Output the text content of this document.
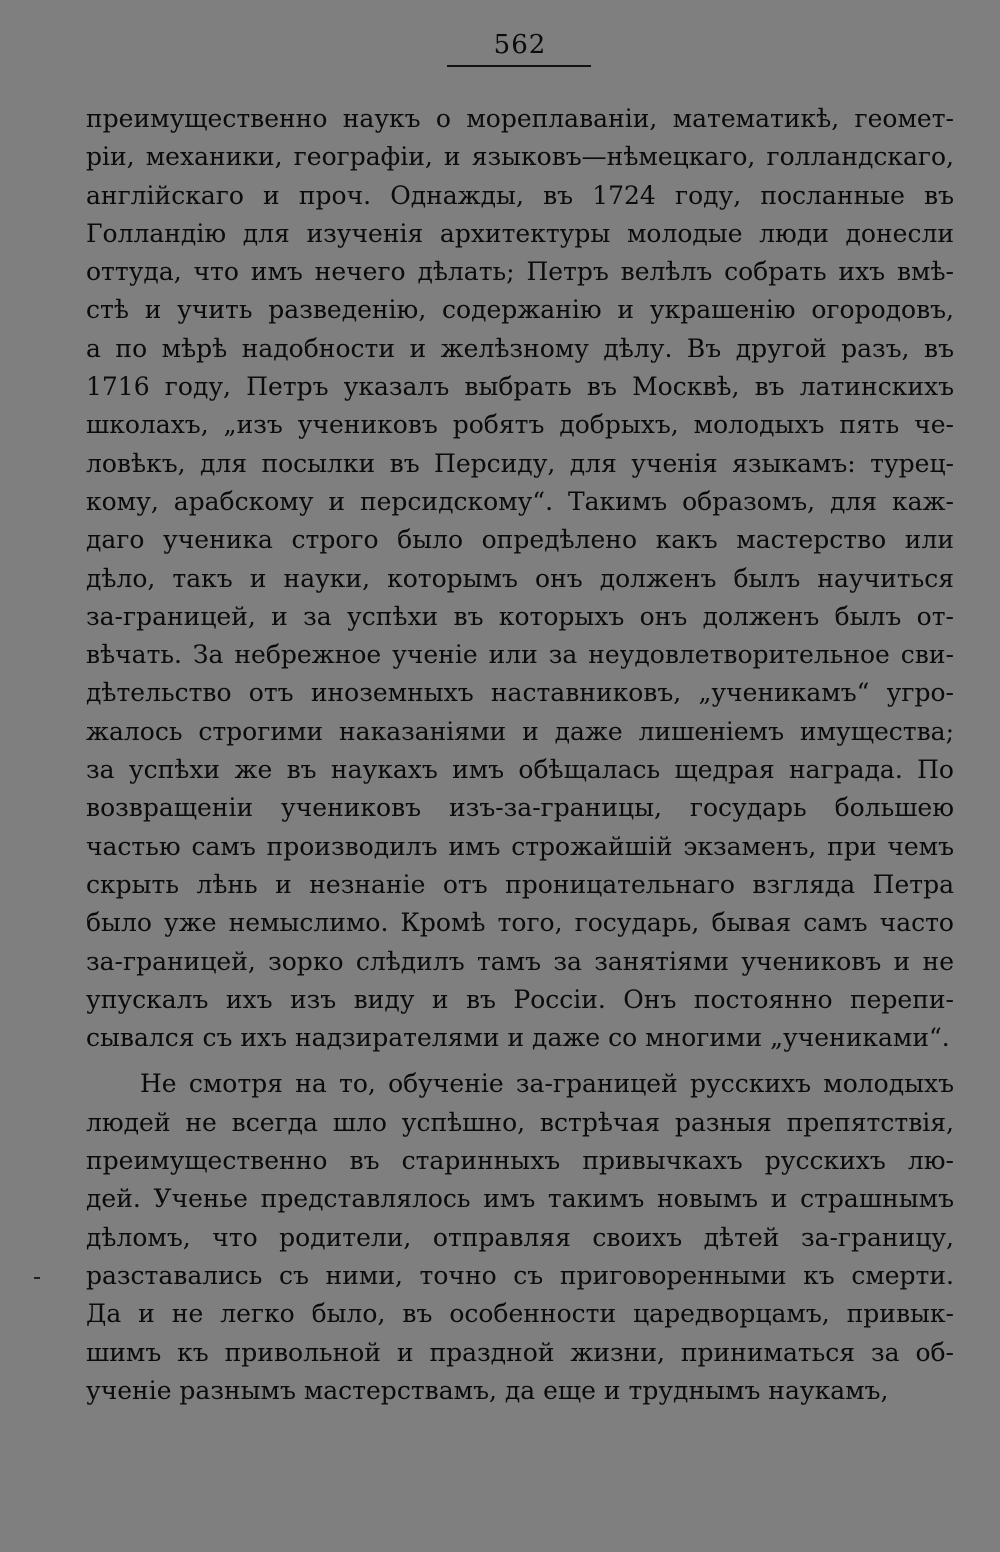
562
преимущественно наукъ о мореплаванiи, математикѣ, геомет-
рiи, механики, географiи, и языковъ—нѣмецкаго, голландскаго,
англiйскаго и проч. Однажды, въ 1724 году, посланные въ
Голландiю для изученiя архитектуры молодые люди донесли
оттуда, что имъ нечего дѣлать; Петръ велѣлъ собрать ихъ вмѣ-
стѣ и учить разведенiю, содержанiю и украшенiю огородовъ,
а по мѣрѣ надобности и желѣзному дѣлу. Въ другой разъ, въ
1716 году, Петръ указалъ выбрать въ Москвѣ, въ латинскихъ
школахъ, „изъ учениковъ робятъ добрыхъ, молодыхъ пять че-
ловѣкъ, для посылки въ Персиду, для ученiя языкамъ: турец-
кому, арабскому и персидскому“. Такимъ образомъ, для каж-
даго ученика строго было опредѣлено какъ мастерство или
дѣло, такъ и науки, которымъ онъ долженъ былъ научиться
за-границей, и за успѣхи въ которыхъ онъ долженъ былъ от-
вѣчать. За небрежное ученiе или за неудовлетворительное сви-
дѣтельство отъ иноземныхъ наставниковъ, „ученикамъ“ угро-
жалось строгими наказанiями и даже лишенiемъ имущества;
за успѣхи же въ наукахъ имъ обѣщалась щедрая награда. По
возвращенiи учениковъ изъ-за-границы, государь большею
частью самъ производилъ имъ строжайшiй экзаменъ, при чемъ
скрыть лѣнь и незнанiе отъ проницательнаго взгляда Петра
было уже немыслимо. Кромѣ того, государь, бывая самъ часто
за-границей, зорко слѣдилъ тамъ за занятiями учениковъ и не
упускалъ ихъ изъ виду и въ Россiи. Онъ постоянно перепи-
сывался съ ихъ надзирателями и даже со многими „учениками“.
Не смотря на то, обученiе за-границей русскихъ молодыхъ
людей не всегда шло успѣшно, встрѣчая разныя препятствiя,
преимущественно въ старинныхъ привычкахъ русскихъ лю-
дей. Ученье представлялось имъ такимъ новымъ и страшнымъ
дѣломъ, что родители, отправляя своихъ дѣтей за-границу,
разставались съ ними, точно съ приговоренными къ смерти.
Да и не легко было, въ особенности царедворцамъ, привык-
шимъ къ привольной и праздной жизни, приниматься за об-
ученiе разнымъ мастерствамъ, да еще и труднымъ наукамъ,
